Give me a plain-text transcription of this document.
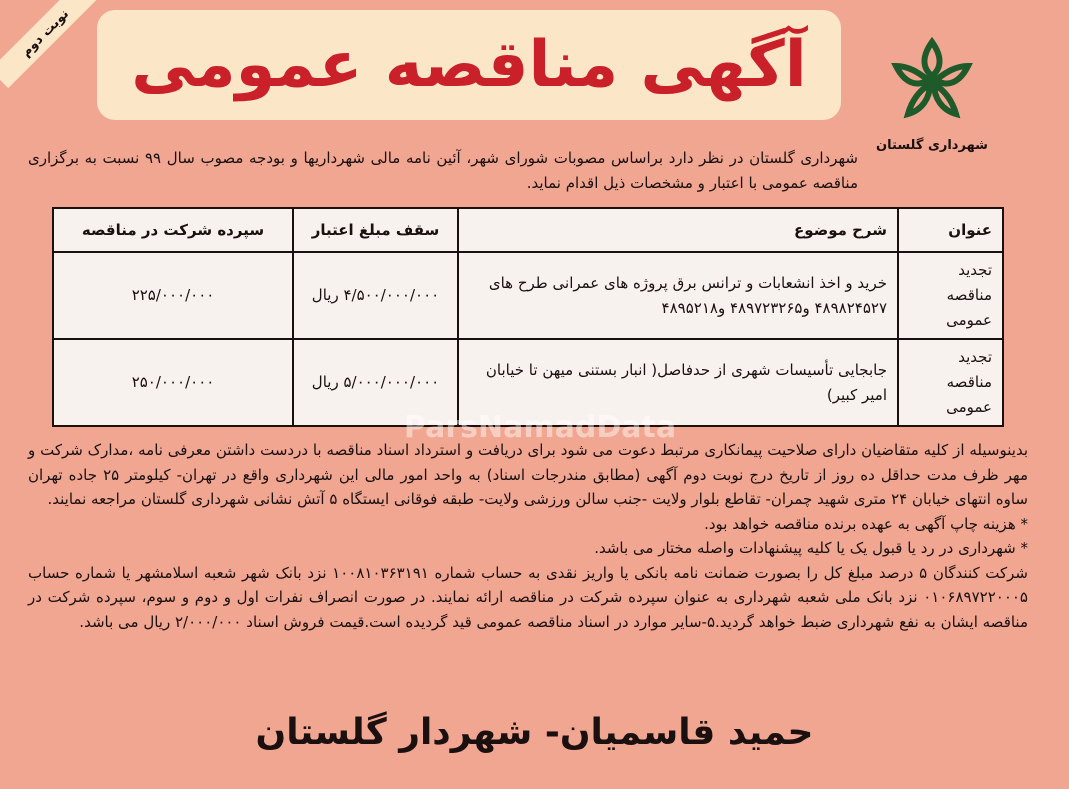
نوبت دوم آگهی مناقصه عمومی
شهرداری گلستان
شهرداری گلستان در نظر دارد براساس مصوبات شورای شهر، آئین نامه مالی شهرداریها و بودجه مصوب سال ۹۹ نسبت به برگزاری مناقصه عمومی با اعتبار و مشخصات ذیل اقدام نماید.
عنوان	شرح موضوع	سقف مبلغ اعتبار	سپرده شرکت در مناقصه
تجدید مناقصه عمومی	خرید و اخذ انشعابات و ترانس برق پروژه های عمرانی طرح های ۴۸۹۸۲۴۵۲۷ و۴۸۹۷۲۳۲۶۵ و۴۸۹۵۲۱۸	۴/۵۰۰/۰۰۰/۰۰۰ ریال	۲۲۵/۰۰۰/۰۰۰
تجدید مناقصه عمومی	جابجایی تأسیسات شهری از حدفاصل( انبار بستنی میهن تا خیابان امیر کبیر)	۵/۰۰۰/۰۰۰/۰۰۰ ریال	۲۵۰/۰۰۰/۰۰۰
ParsNamadData

بدینوسیله از کلیه متقاضیان دارای صلاحیت پیمانکاری مرتبط دعوت می شود برای دریافت و استرداد اسناد مناقصه با دردست داشتن معرفی نامه ،مدارک شرکت و مهر ظرف مدت حداقل ده روز از تاریخ درج نوبت دوم آگهی (مطابق مندرجات اسناد) به واحد امور مالی این شهرداری واقع در تهران- کیلومتر ۲۵ جاده تهران ساوه انتهای خیابان ۲۴ متری شهید چمران- تقاطع بلوار ولایت -جنب سالن ورزشی ولایت- طبقه فوقانی ایستگاه ۵ آتش نشانی شهرداری گلستان مراجعه نمایند.

* هزینه چاپ آگهی به عهده برنده مناقصه خواهد بود.

* شهرداری در رد یا قبول یک یا کلیه پیشنهادات واصله مختار می باشد.

شرکت کنندگان ۵ درصد مبلغ کل را بصورت ضمانت نامه بانکی یا واریز نقدی به حساب شماره ۱۰۰۸۱۰۳۶۳۱۹۱ نزد بانک شهر شعبه اسلامشهر یا شماره حساب ۰۱۰۶۸۹۷۲۲۰۰۰۵ نزد بانک ملی شعبه شهرداری به عنوان سپرده شرکت در مناقصه ارائه نمایند. در صورت انصراف نفرات اول و دوم و سوم، سپرده شرکت در مناقصه ایشان به نفع شهرداری ضبط خواهد گردید.۵-سایر موارد در اسناد مناقصه عمومی قید گردیده است.قیمت فروش اسناد ۲/۰۰۰/۰۰۰ ریال می باشد.

حمید قاسمیان- شهردار گلستان
